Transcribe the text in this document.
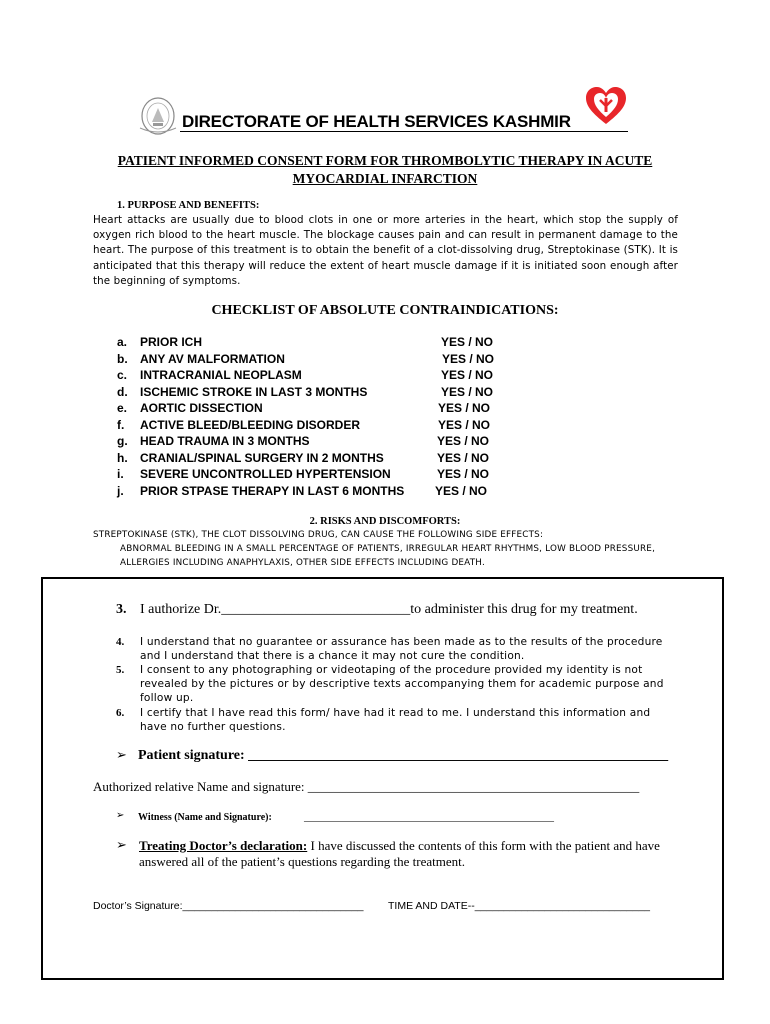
DIRECTORATE OF HEALTH SERVICES KASHMIR
PATIENT INFORMED CONSENT FORM FOR THROMBOLYTIC THERAPY IN ACUTE
MYOCARDIAL INFARCTION
1. PURPOSE AND BENEFITS:
Heart attacks are usually due to blood clots in one or more arteries in the heart, which stop the supply of oxygen rich blood to the heart muscle. The blockage causes pain and can result in permanent damage to the heart. The purpose of this treatment is to obtain the benefit of a clot-dissolving drug, Streptokinase (STK). It is anticipated that this therapy will reduce the extent of heart muscle damage if it is initiated soon enough after the beginning of symptoms.
CHECKLIST OF ABSOLUTE CONTRAINDICATIONS:
a. PRIOR ICH	YES / NO
b. ANY AV MALFORMATION	YES / NO
c. INTRACRANIAL NEOPLASM	YES / NO
d. ISCHEMIC STROKE IN LAST 3 MONTHS	YES / NO
e. AORTIC DISSECTION	YES / NO
f. ACTIVE BLEED/BLEEDING DISORDER	YES / NO
g. HEAD TRAUMA IN 3 MONTHS	YES / NO
h. CRANIAL/SPINAL SURGERY IN 2 MONTHS	YES / NO
i. SEVERE UNCONTROLLED HYPERTENSION	YES / NO
j. PRIOR STPASE THERAPY IN LAST 6 MONTHS	YES / NO
2. RISKS AND DISCOMFORTS:
STREPTOKINASE (STK), THE CLOT DISSOLVING DRUG, CAN CAUSE THE FOLLOWING SIDE EFFECTS:
ABNORMAL BLEEDING IN A SMALL PERCENTAGE OF PATIENTS, IRREGULAR HEART RHYTHMS, LOW BLOOD PRESSURE,
ALLERGIES INCLUDING ANAPHYLAXIS, OTHER SIDE EFFECTS INCLUDING DEATH.
3. I authorize Dr.___________________________to administer this drug for my treatment.
4. I understand that no guarantee or assurance has been made as to the results of the procedure and I understand that there is a chance it may not cure the condition.
5. I consent to any photographing or videotaping of the procedure provided my identity is not revealed by the pictures or by descriptive texts accompanying them for academic purpose and follow up.
6. I certify that I have read this form/ have had it read to me. I understand this information and have no further questions.
➢ Patient signature: ____________________________________________________________
Authorized relative Name and signature: ___________________________________________________
➢ Witness (Name and Signature):	__________________________________________________
➢ Treating Doctor’s declaration: I have discussed the contents of this form with the patient and have answered all of the patient’s questions regarding the treatment.
Doctor’s Signature:_______________________________ TIME AND DATE--______________________________
